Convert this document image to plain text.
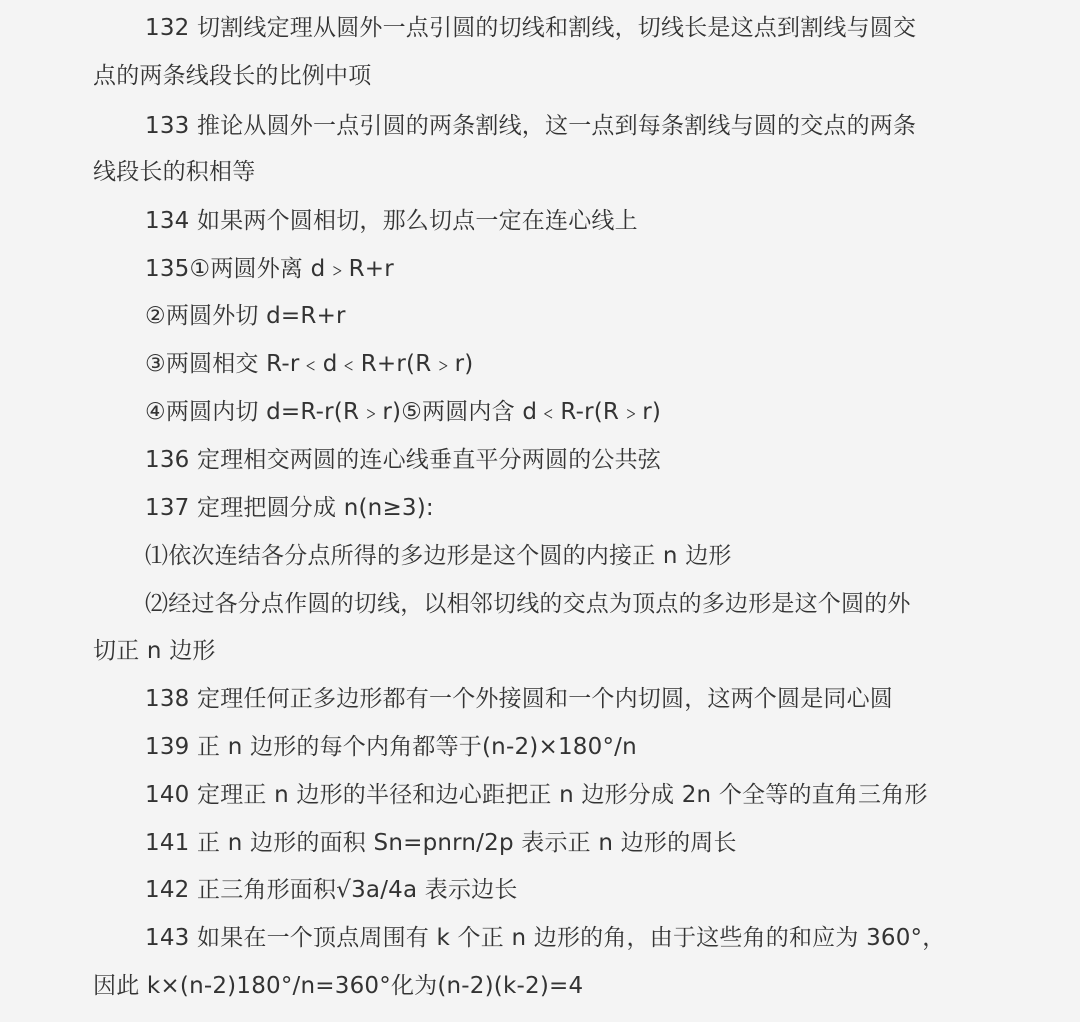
132 切割线定理从圆外一点引圆的切线和割线，切线长是这点到割线与圆交
点的两条线段长的比例中项
133 推论从圆外一点引圆的两条割线，这一点到每条割线与圆的交点的两条
线段长的积相等
134 如果两个圆相切，那么切点一定在连心线上
135①两圆外离 d﹥R+r
②两圆外切 d=R+r
③两圆相交 R-r﹤d﹤R+r(R﹥r)
④两圆内切 d=R-r(R﹥r)⑤两圆内含 d﹤R-r(R﹥r)
136 定理相交两圆的连心线垂直平分两圆的公共弦
137 定理把圆分成 n(n≥3):
⑴依次连结各分点所得的多边形是这个圆的内接正 n 边形
⑵经过各分点作圆的切线，以相邻切线的交点为顶点的多边形是这个圆的外
切正 n 边形
138 定理任何正多边形都有一个外接圆和一个内切圆，这两个圆是同心圆
139 正 n 边形的每个内角都等于(n-2)×180°/n
140 定理正 n 边形的半径和边心距把正 n 边形分成 2n 个全等的直角三角形
141 正 n 边形的面积 Sn=pnrn/2p 表示正 n 边形的周长
142 正三角形面积√3a/4a 表示边长
143 如果在一个顶点周围有 k 个正 n 边形的角，由于这些角的和应为 360°，
因此 k×(n-2)180°/n=360°化为(n-2)(k-2)=4
